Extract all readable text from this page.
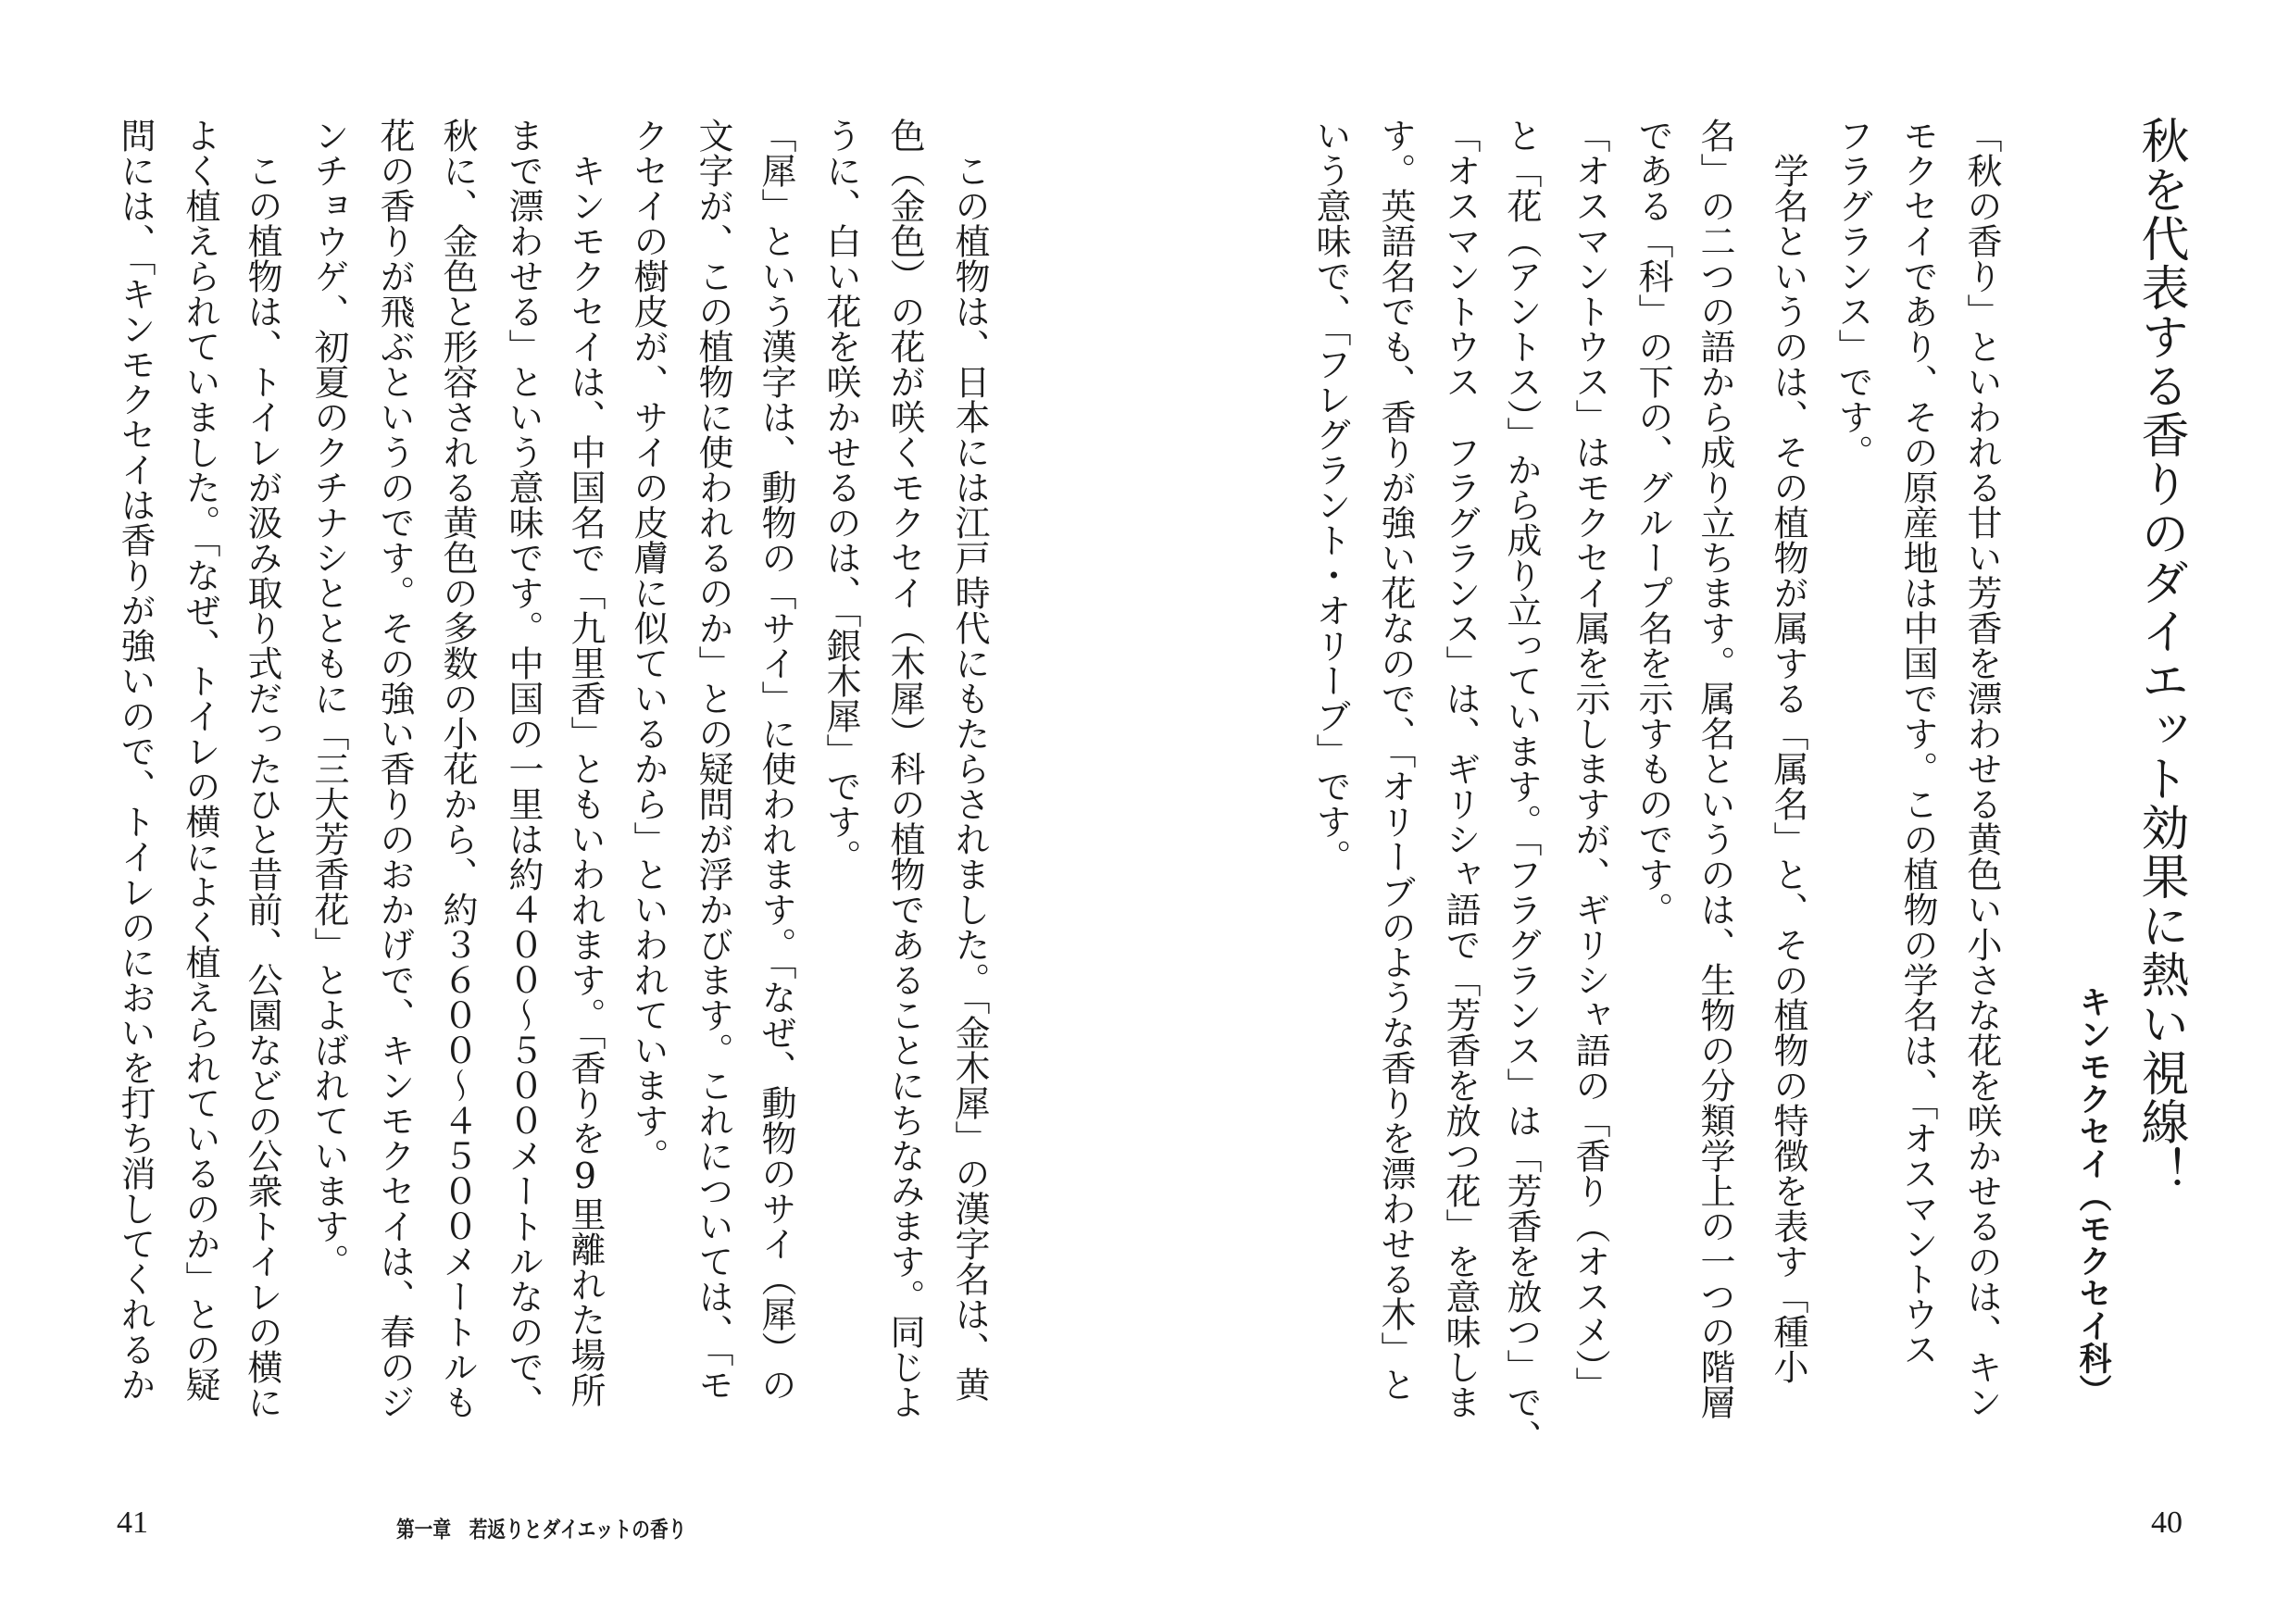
　この植物は、日本には江戸時代にもたらされました。「金木犀」の漢字名は、黄
色（金色）の花が咲くモクセイ（木犀）科の植物であることにちなみます。同じよ
うに、白い花を咲かせるのは、「銀木犀」です。
「犀」という漢字は、動物の「サイ」に使われます。「なぜ、動物のサイ（犀）の
文字が、この植物に使われるのか」との疑問が浮かびます。これについては、「モ
クセイの樹皮が、サイの皮膚に似ているから」といわれています。
　キンモクセイは、中国名で「九里香」ともいわれます。「香りを9里離れた場所
まで漂わせる」という意味です。中国の一里は約４００〜５００メートルなので、
秋に、金色と形容される黄色の多数の小花から、約３６００〜４５００メートルも
花の香りが飛ぶというのです。その強い香りのおかげで、キンモクセイは、春のジ
ンチョウゲ、初夏のクチナシとともに「三大芳香花」とよばれています。
　この植物は、トイレが汲み取り式だったひと昔前、公園などの公衆トイレの横に
よく植えられていました。「なぜ、トイレの横によく植えられているのか」との疑
問には、「キンモクセイは香りが強いので、トイレのにおいを打ち消してくれるか
41	第一章　若返りとダイエットの香り
秋を代表する香りのダイエット効果に熱い視線！
キンモクセイ（モクセイ科）
「秋の香り」といわれる甘い芳香を漂わせる黄色い小さな花を咲かせるのは、キン
モクセイであり、その原産地は中国です。この植物の学名は、「オスマントウス
フラグランス」です。
　学名というのは、その植物が属する「属名」と、その植物の特徴を表す「種小
名」の二つの語から成り立ちます。属名というのは、生物の分類学上の一つの階層
である「科」の下の、グループ名を示すものです。
「オスマントウス」はモクセイ属を示しますが、ギリシャ語の「香り（オスメ）」
と「花（アントス）」から成り立っています。「フラグランス」は「芳香を放つ」で、
「オスマントウス　フラグランス」は、ギリシャ語で「芳香を放つ花」を意味しま
す。英語名でも、香りが強い花なので、「オリーブのような香りを漂わせる木」と
いう意味で、「フレグラント・オリーブ」です。
40
